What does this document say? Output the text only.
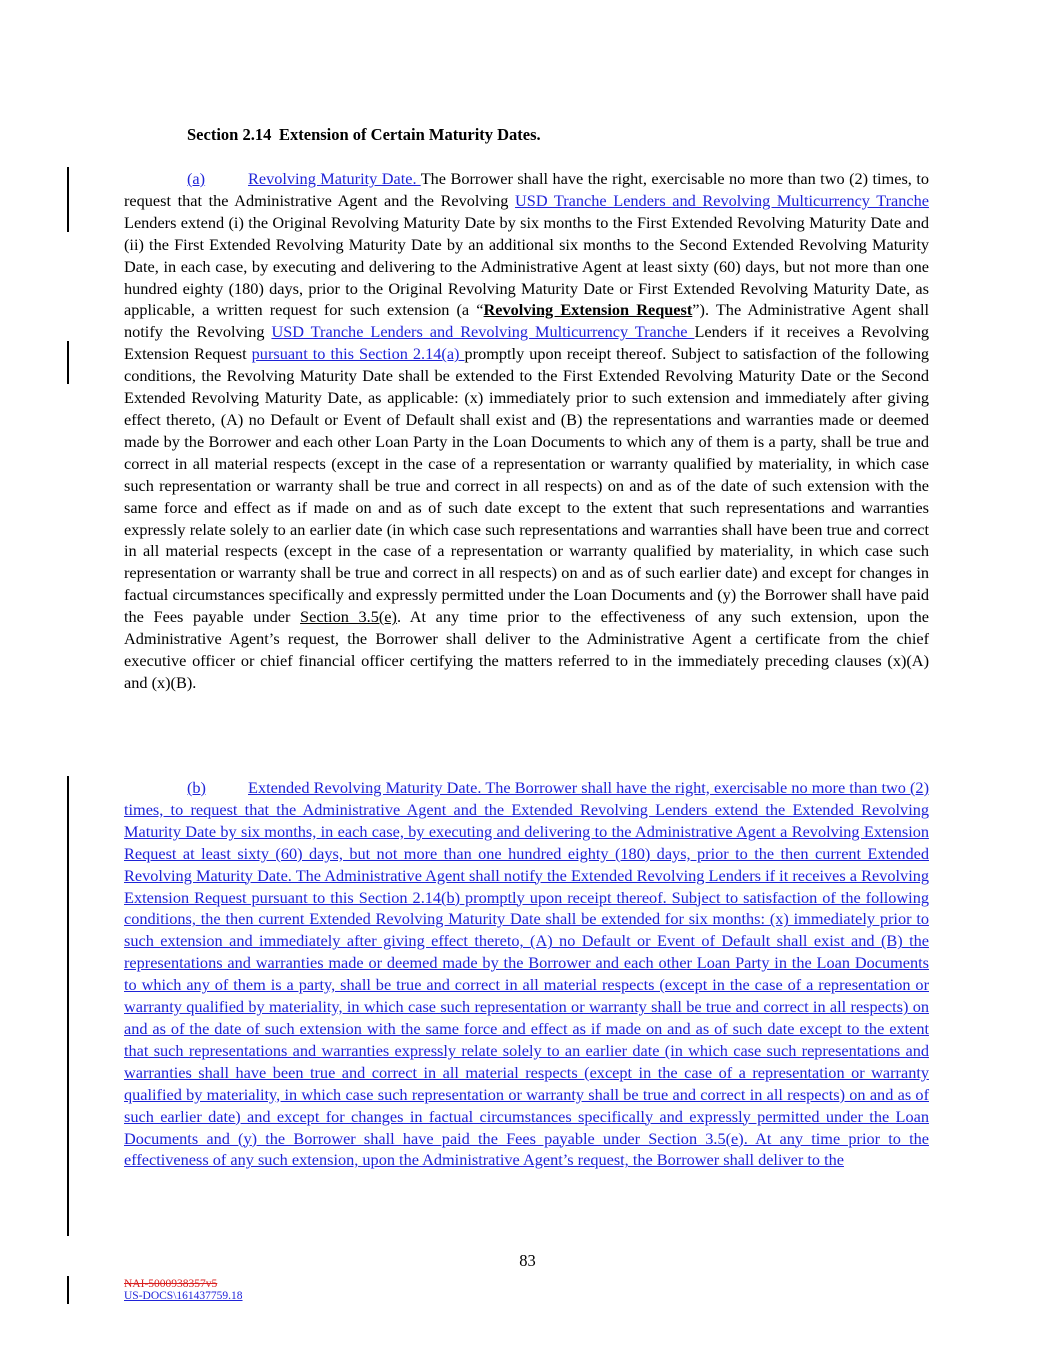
Section 2.14 Extension of Certain Maturity Dates.
(a)	Revolving Maturity Date. The Borrower shall have the right, exercisable no more than two (2) times, to request that the Administrative Agent and the Revolving USD Tranche Lenders and Revolving Multicurrency Tranche Lenders extend (i) the Original Revolving Maturity Date by six months to the First Extended Revolving Maturity Date and (ii) the First Extended Revolving Maturity Date by an additional six months to the Second Extended Revolving Maturity Date, in each case, by executing and delivering to the Administrative Agent at least sixty (60) days, but not more than one hundred eighty (180) days, prior to the Original Revolving Maturity Date or First Extended Revolving Maturity Date, as applicable, a written request for such extension (a “Revolving Extension Request”). The Administrative Agent shall notify the Revolving USD Tranche Lenders and Revolving Multicurrency Tranche Lenders if it receives a Revolving Extension Request pursuant to this Section 2.14(a) promptly upon receipt thereof. Subject to satisfaction of the following conditions, the Revolving Maturity Date shall be extended to the First Extended Revolving Maturity Date or the Second Extended Revolving Maturity Date, as applicable: (x) immediately prior to such extension and immediately after giving effect thereto, (A) no Default or Event of Default shall exist and (B) the representations and warranties made or deemed made by the Borrower and each other Loan Party in the Loan Documents to which any of them is a party, shall be true and correct in all material respects (except in the case of a representation or warranty qualified by materiality, in which case such representation or warranty shall be true and correct in all respects) on and as of the date of such extension with the same force and effect as if made on and as of such date except to the extent that such representations and warranties expressly relate solely to an earlier date (in which case such representations and warranties shall have been true and correct in all material respects (except in the case of a representation or warranty qualified by materiality, in which case such representation or warranty shall be true and correct in all respects) on and as of such earlier date) and except for changes in factual circumstances specifically and expressly permitted under the Loan Documents and (y) the Borrower shall have paid the Fees payable under Section 3.5(e). At any time prior to the effectiveness of any such extension, upon the Administrative Agent’s request, the Borrower shall deliver to the Administrative Agent a certificate from the chief executive officer or chief financial officer certifying the matters referred to in the immediately preceding clauses (x)(A) and (x)(B).
(b)	Extended Revolving Maturity Date. The Borrower shall have the right, exercisable no more than two (2) times, to request that the Administrative Agent and the Extended Revolving Lenders extend the Extended Revolving Maturity Date by six months, in each case, by executing and delivering to the Administrative Agent a Revolving Extension Request at least sixty (60) days, but not more than one hundred eighty (180) days, prior to the then current Extended Revolving Maturity Date. The Administrative Agent shall notify the Extended Revolving Lenders if it receives a Revolving Extension Request pursuant to this Section 2.14(b) promptly upon receipt thereof. Subject to satisfaction of the following conditions, the then current Extended Revolving Maturity Date shall be extended for six months: (x) immediately prior to such extension and immediately after giving effect thereto, (A) no Default or Event of Default shall exist and (B) the representations and warranties made or deemed made by the Borrower and each other Loan Party in the Loan Documents to which any of them is a party, shall be true and correct in all material respects (except in the case of a representation or warranty qualified by materiality, in which case such representation or warranty shall be true and correct in all respects) on and as of the date of such extension with the same force and effect as if made on and as of such date except to the extent that such representations and warranties expressly relate solely to an earlier date (in which case such representations and warranties shall have been true and correct in all material respects (except in the case of a representation or warranty qualified by materiality, in which case such representation or warranty shall be true and correct in all respects) on and as of such earlier date) and except for changes in factual circumstances specifically and expressly permitted under the Loan Documents and (y) the Borrower shall have paid the Fees payable under Section 3.5(e). At any time prior to the effectiveness of any such extension, upon the Administrative Agent’s request, the Borrower shall deliver to the
83
NAI-5000938357v5
US-DOCS\161437759.18
